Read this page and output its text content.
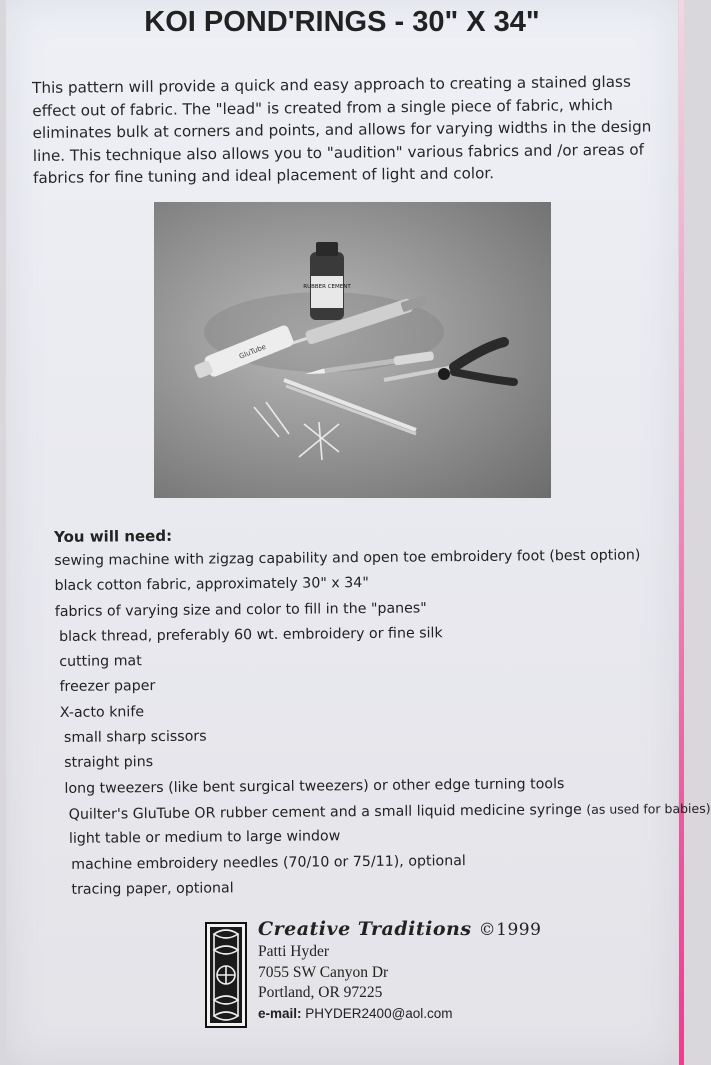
KOI POND'RINGS - 30" X 34"
This pattern will provide a quick and easy approach to creating a stained glass
effect out of fabric. The "lead" is created from a single piece of fabric, which
eliminates bulk at corners and points, and allows for varying widths in the design
line. This technique also allows you to "audition" various fabrics and /or areas of
fabrics for fine tuning and ideal placement of light and color.
RUBBER CEMENT
GluTube
You will need:
sewing machine with zigzag capability and open toe embroidery foot (best option)
black cotton fabric, approximately 30" x 34"
fabrics of varying size and color to fill in the "panes"
black thread, preferably 60 wt. embroidery or fine silk
cutting mat
freezer paper
X-acto knife
small sharp scissors
straight pins
long tweezers (like bent surgical tweezers) or other edge turning tools
Quilter's GluTube OR rubber cement and a small liquid medicine syringe (as used for babies)
light table or medium to large window
machine embroidery needles (70/10 or 75/11), optional
tracing paper, optional
Creative Traditions ©1999
Patti Hyder
7055 SW Canyon Dr
Portland, OR 97225
e-mail: PHYDER2400@aol.com
